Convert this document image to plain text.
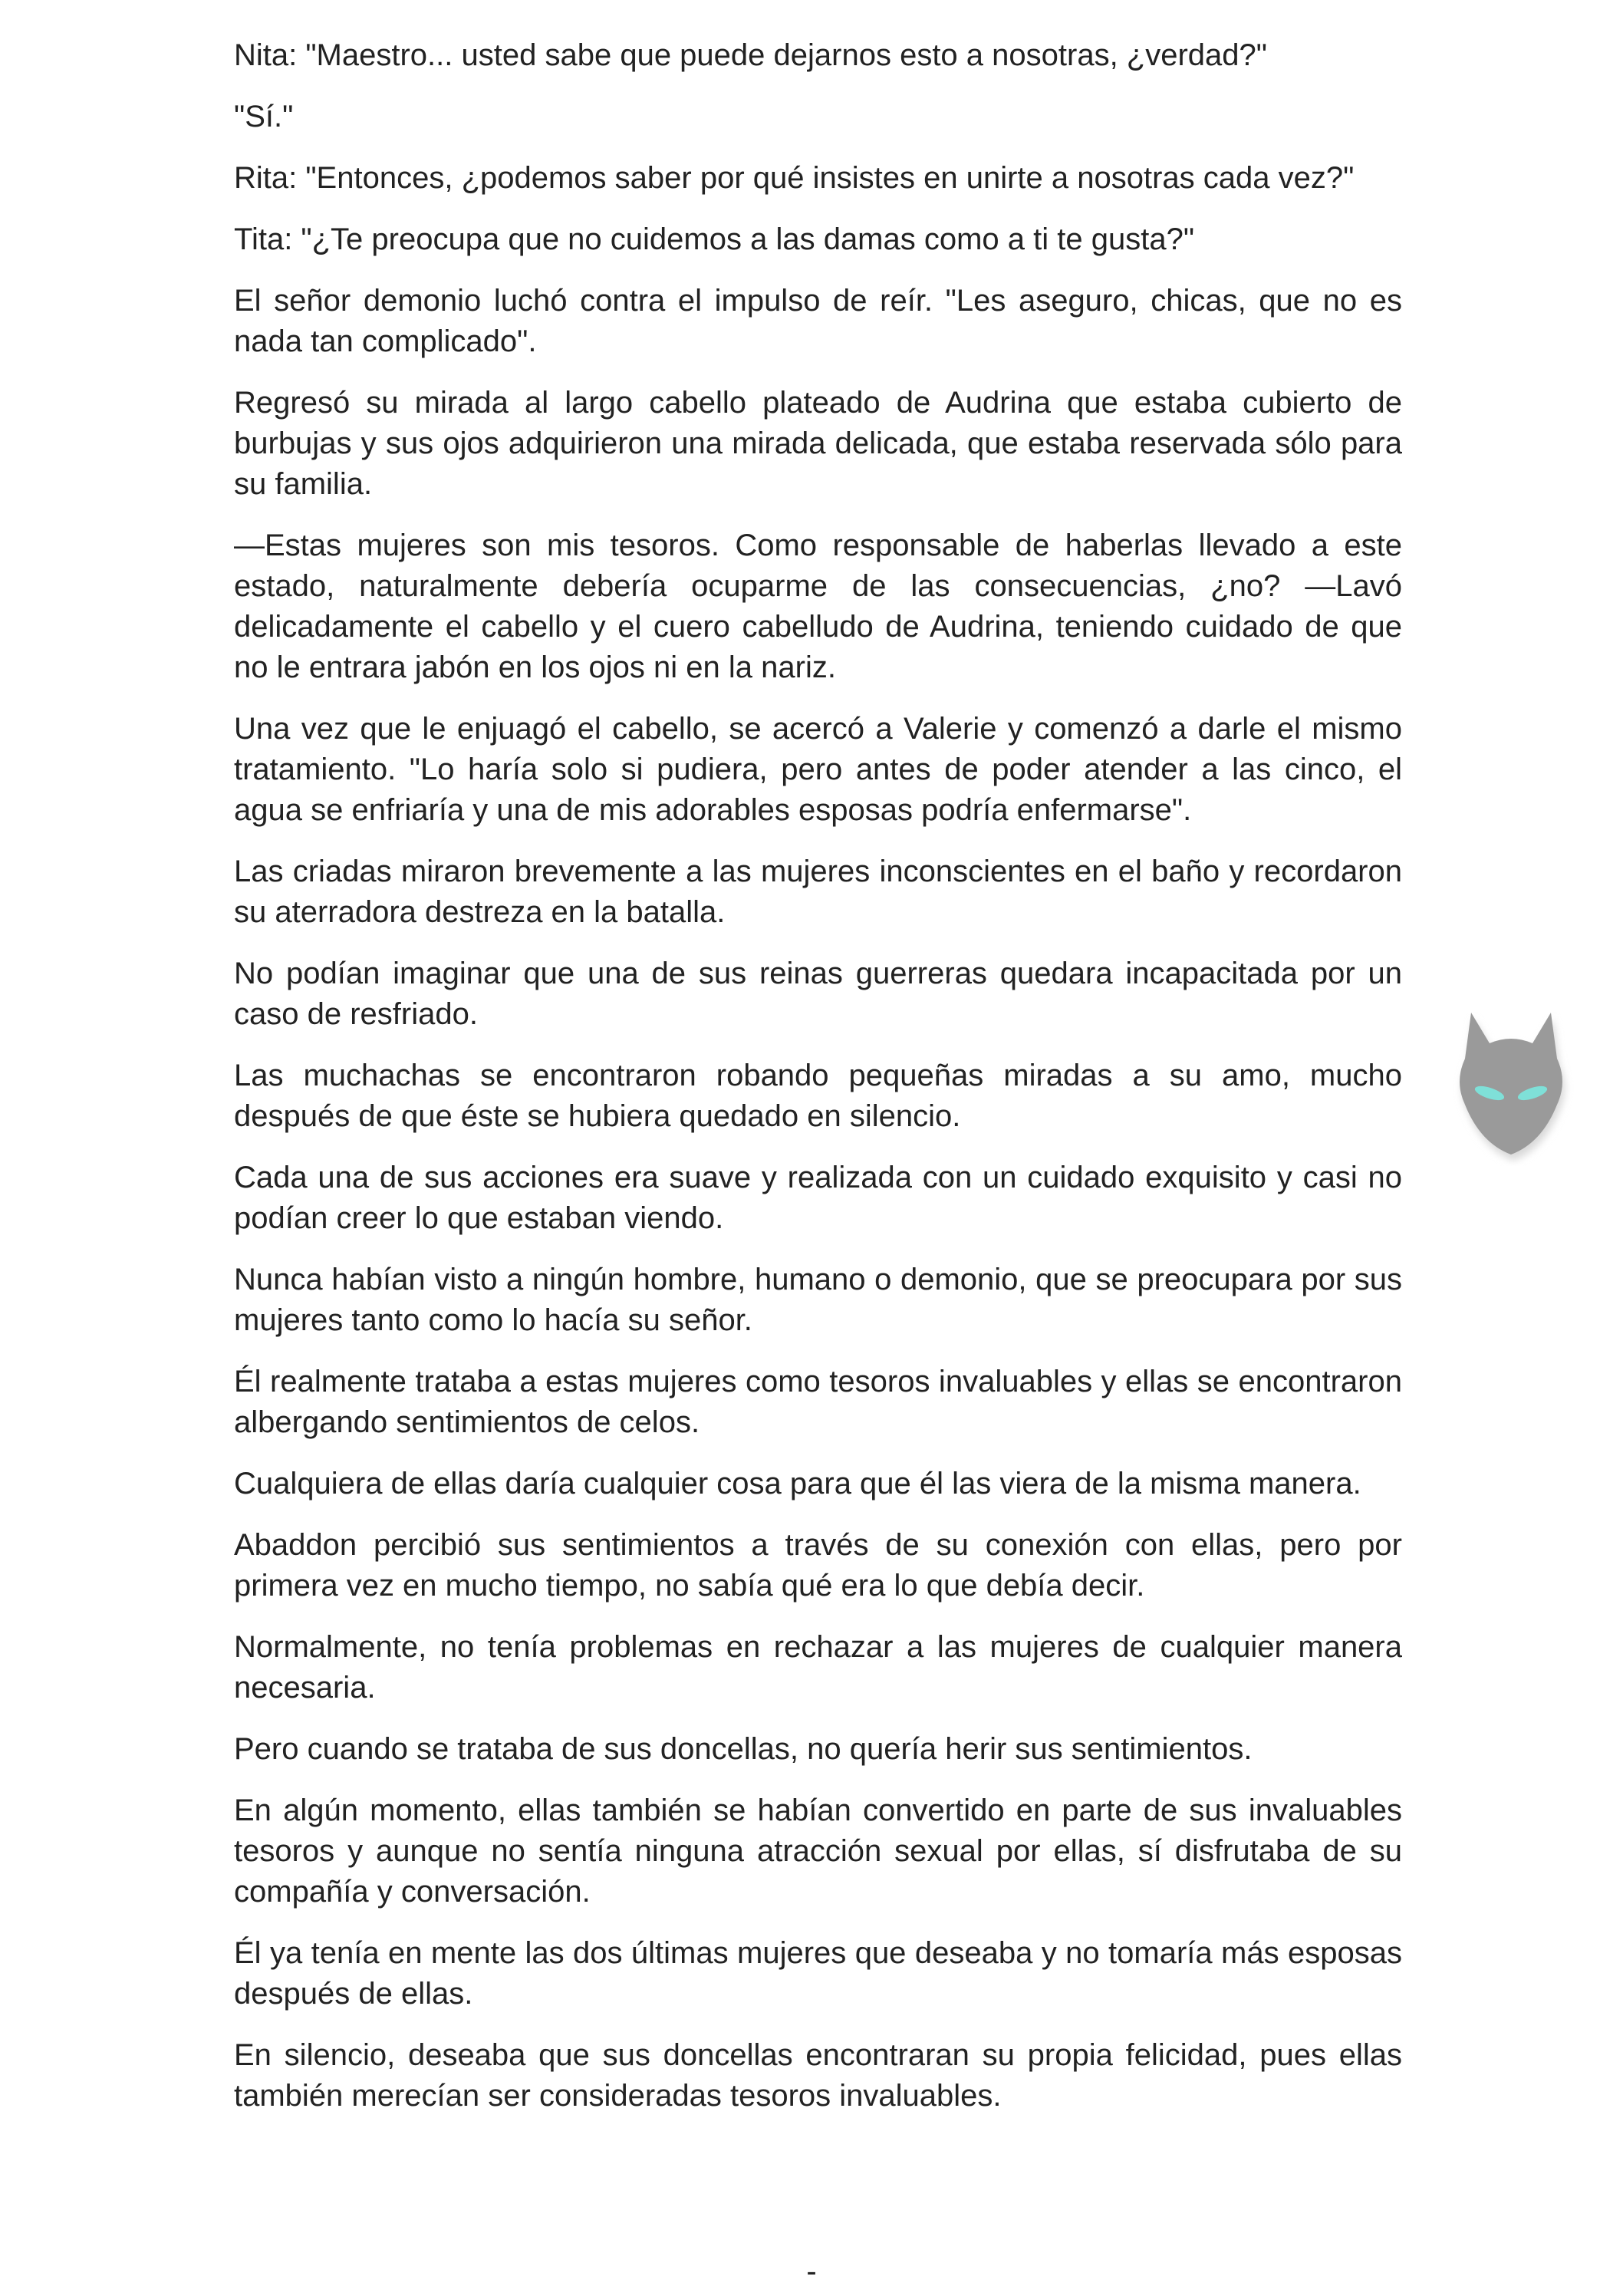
Nita: "Maestro... usted sabe que puede dejarnos esto a nosotras, ¿verdad?"

"Sí."

Rita: "Entonces, ¿podemos saber por qué insistes en unirte a nosotras cada vez?"

Tita: "¿Te preocupa que no cuidemos a las damas como a ti te gusta?"

El señor demonio luchó contra el impulso de reír. "Les aseguro, chicas, que no es nada tan complicado".

Regresó su mirada al largo cabello plateado de Audrina que estaba cubierto de burbujas y sus ojos adquirieron una mirada delicada, que estaba reservada sólo para su familia.

—Estas mujeres son mis tesoros. Como responsable de haberlas llevado a este estado, naturalmente debería ocuparme de las consecuencias, ¿no? —Lavó delicadamente el cabello y el cuero cabelludo de Audrina, teniendo cuidado de que no le entrara jabón en los ojos ni en la nariz.

Una vez que le enjuagó el cabello, se acercó a Valerie y comenzó a darle el mismo tratamiento. "Lo haría solo si pudiera, pero antes de poder atender a las cinco, el agua se enfriaría y una de mis adorables esposas podría enfermarse".

Las criadas miraron brevemente a las mujeres inconscientes en el baño y recordaron su aterradora destreza en la batalla.

No podían imaginar que una de sus reinas guerreras quedara incapacitada por un caso de resfriado.

Las muchachas se encontraron robando pequeñas miradas a su amo, mucho después de que éste se hubiera quedado en silencio.

Cada una de sus acciones era suave y realizada con un cuidado exquisito y casi no podían creer lo que estaban viendo.

Nunca habían visto a ningún hombre, humano o demonio, que se preocupara por sus mujeres tanto como lo hacía su señor.

Él realmente trataba a estas mujeres como tesoros invaluables y ellas se encontraron albergando sentimientos de celos.

Cualquiera de ellas daría cualquier cosa para que él las viera de la misma manera.

Abaddon percibió sus sentimientos a través de su conexión con ellas, pero por primera vez en mucho tiempo, no sabía qué era lo que debía decir.

Normalmente, no tenía problemas en rechazar a las mujeres de cualquier manera necesaria.

Pero cuando se trataba de sus doncellas, no quería herir sus sentimientos.

En algún momento, ellas también se habían convertido en parte de sus invaluables tesoros y aunque no sentía ninguna atracción sexual por ellas, sí disfrutaba de su compañía y conversación.

Él ya tenía en mente las dos últimas mujeres que deseaba y no tomaría más esposas después de ellas.

En silencio, deseaba que sus doncellas encontraran su propia felicidad, pues ellas también merecían ser consideradas tesoros invaluables.

-
